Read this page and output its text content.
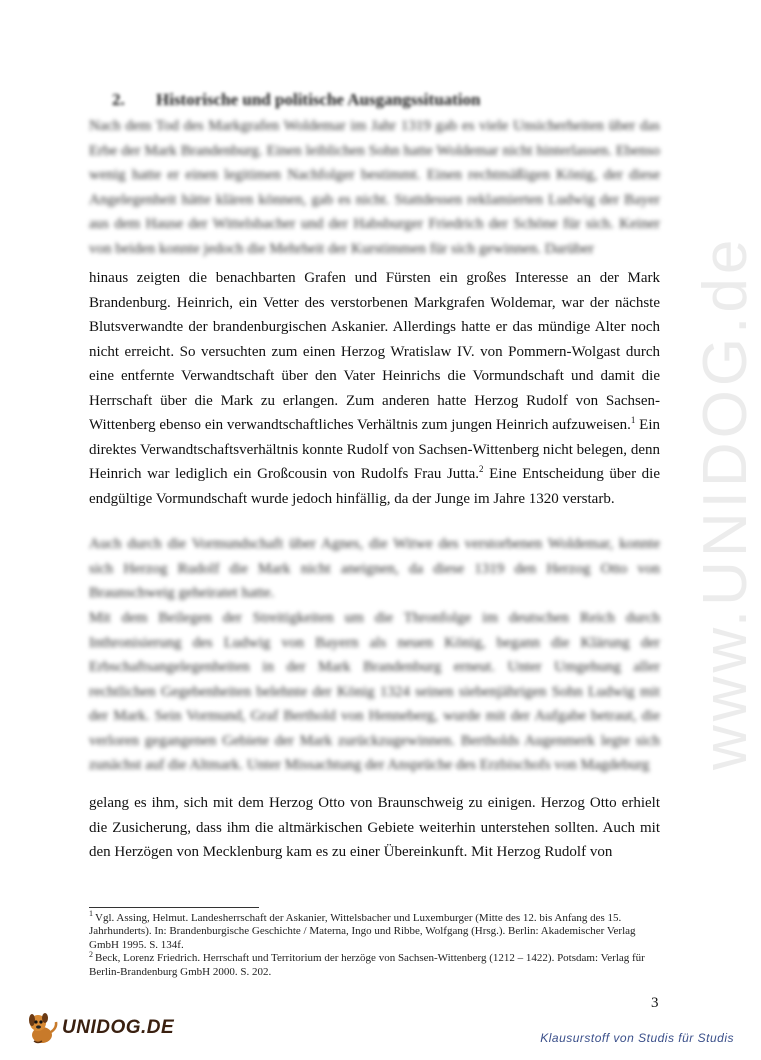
www.UNIDOG.de
2. Historische und politische Ausgangssituation
Nach dem Tod des Markgrafen Woldemar im Jahr 1319 gab es viele Unsicherheiten über das Erbe der Mark Brandenburg. Einen leiblichen Sohn hatte Woldemar nicht hinterlassen. Ebenso wenig hatte er einen legitimen Nachfolger bestimmt. Einen rechtmäßigen König, der diese Angelegenheit hätte klären können, gab es nicht. Stattdessen reklamierten Ludwig der Bayer aus dem Hause der Wittelsbacher und der Habsburger Friedrich der Schöne für sich. Keiner von beiden konnte jedoch die Mehrheit der Kurstimmen für sich gewinnen. Darüber
hinaus zeigten die benachbarten Grafen und Fürsten ein großes Interesse an der Mark Brandenburg. Heinrich, ein Vetter des verstorbenen Markgrafen Woldemar, war der nächste Blutsverwandte der brandenburgischen Askanier. Allerdings hatte er das mündige Alter noch nicht erreicht. So versuchten zum einen Herzog Wratislaw IV. von Pommern-Wolgast durch eine entfernte Verwandtschaft über den Vater Heinrichs die Vormundschaft und damit die Herrschaft über die Mark zu erlangen. Zum anderen hatte Herzog Rudolf von Sachsen-Wittenberg ebenso ein verwandtschaftliches Verhältnis zum jungen Heinrich aufzuweisen.$^1$ Ein direktes Verwandtschaftsverhältnis konnte Rudolf von Sachsen-Wittenberg nicht belegen, denn Heinrich war lediglich ein Großcousin von Rudolfs Frau Jutta.$^2$ Eine Entscheidung über die endgültige Vormundschaft wurde jedoch hinfällig, da der Junge im Jahre 1320 verstarb.
Auch durch die Vormundschaft über Agnes, die Witwe des verstorbenen Woldemar, konnte sich Herzog Rudolf die Mark nicht aneignen, da diese 1319 den Herzog Otto von Braunschweig geheiratet hatte.
Mit dem Beilegen der Streitigkeiten um die Thronfolge im deutschen Reich durch Inthronisierung des Ludwig von Bayern als neuen König, begann die Klärung der Erbschaftsangelegenheiten in der Mark Brandenburg erneut. Unter Umgehung aller rechtlichen Gegebenheiten belehnte der König 1324 seinen siebenjährigen Sohn Ludwig mit der Mark. Sein Vormund, Graf Berthold von Henneberg, wurde mit der Aufgabe betraut, die verloren gegangenen Gebiete der Mark zurückzugewinnen. Bertholds Augenmerk legte sich zunächst auf die Altmark. Unter Missachtung der Ansprüche des Erzbischofs von Magdeburg
gelang es ihm, sich mit dem Herzog Otto von Braunschweig zu einigen. Herzog Otto erhielt die Zusicherung, dass ihm die altmärkischen Gebiete weiterhin unterstehen sollten. Auch mit den Herzögen von Mecklenburg kam es zu einer Übereinkunft. Mit Herzog Rudolf von
$^1$ Vgl. Assing, Helmut. Landesherrschaft der Askanier, Wittelsbacher und Luxemburger (Mitte des 12. bis Anfang des 15. Jahrhunderts). In: Brandenburgische Geschichte / Materna, Ingo und Ribbe, Wolfgang (Hrsg.). Berlin: Akademischer Verlag GmbH 1995. S. 134f.
$^2$ Beck, Lorenz Friedrich. Herrschaft und Territorium der herzöge von Sachsen-Wittenberg (1212 – 1422). Potsdam: Verlag für Berlin-Brandenburg GmbH 2000. S. 202.
3
UNIDOG.DE	Klausurstoff von Studis für Studis
